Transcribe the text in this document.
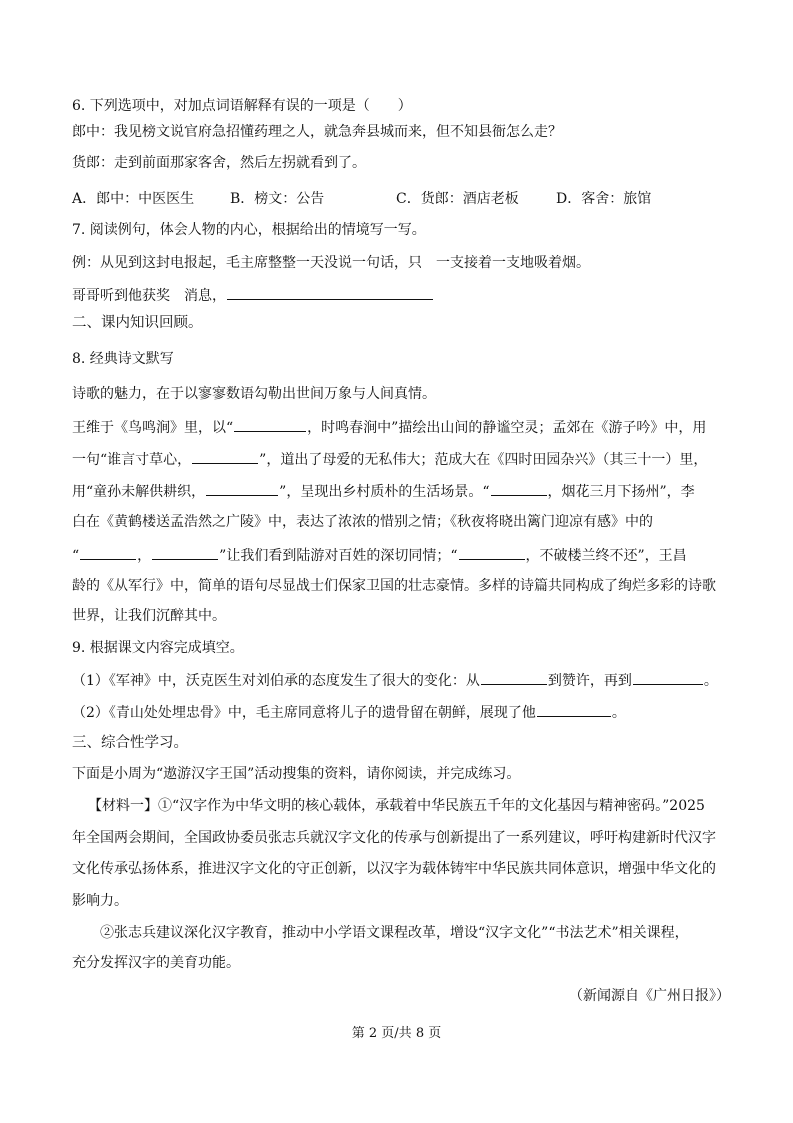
6. 下列选项中，对加点词语解释有误的一项是（　　）
郎中：我见榜文说官府急招懂药理之人，就急奔县城而来，但不知县衙怎么走？
货郎：走到前面那家客舍，然后左拐就看到了。
A．郎中：中医医生	B．榜文：公告	C．货郎：酒店老板	D．客舍：旅馆
7. 阅读例句，体会人物的内心，根据给出的情境写一写。
例：从见到这封电报起，毛主席整整一天没说一句话，只　一支接着一支地吸着烟。
哥哥听到他获奖　消息，
二、课内知识回顾。
8. 经典诗文默写
诗歌的魅力，在于以寥寥数语勾勒出世间万象与人间真情。
王维于《鸟鸣涧》里，以“	，时鸣春涧中”描绘出山间的静谧空灵；孟郊在《游子吟》中，用
一句“谁言寸草心，	”，道出了母爱的无私伟大；范成大在《四时田园杂兴》（其三十一）里，
用“童孙未解供耕织，	”，呈现出乡村质朴的生活场景。“	，烟花三月下扬州”，李
白在《黄鹤楼送孟浩然之广陵》中，表达了浓浓的惜别之情；《秋夜将晓出篱门迎凉有感》中的
“	，	”让我们看到陆游对百姓的深切同情；“	，不破楼兰终不还”，王昌
龄的《从军行》中，简单的语句尽显战士们保家卫国的壮志豪情。多样的诗篇共同构成了绚烂多彩的诗歌
世界，让我们沉醉其中。
9. 根据课文内容完成填空。
（1）《军神》中，沃克医生对刘伯承的态度发生了很大的变化：从	到赞许，再到	。
（2）《青山处处埋忠骨》中，毛主席同意将儿子的遗骨留在朝鲜，展现了他	。
三、综合性学习。
下面是小周为“遨游汉字王国”活动搜集的资料，请你阅读，并完成练习。
【材料一】①“汉字作为中华文明的核心载体，承载着中华民族五千年的文化基因与精神密码。”2025
年全国两会期间，全国政协委员张志兵就汉字文化的传承与创新提出了一系列建议，呼吁构建新时代汉字
文化传承弘扬体系，推进汉字文化的守正创新，以汉字为载体铸牢中华民族共同体意识，增强中华文化的
影响力。
②张志兵建议深化汉字教育，推动中小学语文课程改革，增设“汉字文化”“书法艺术”相关课程，
充分发挥汉字的美育功能。
（新闻源自《广州日报》）
第 2 页/共 8 页
